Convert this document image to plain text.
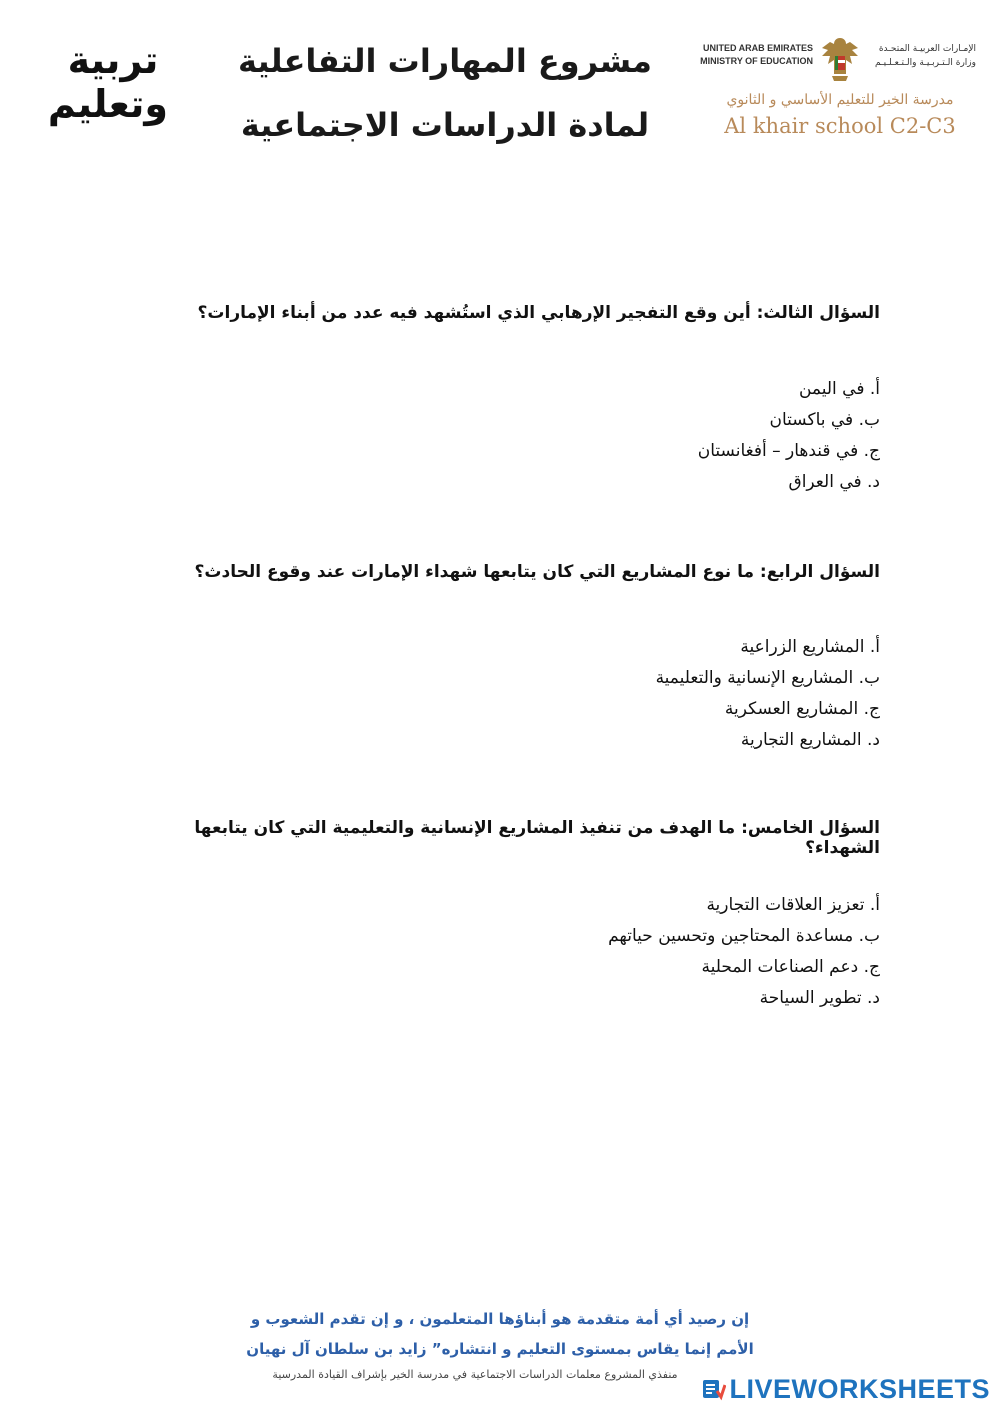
تربية
وتعليم
مشروع المهارات التفاعلية
لمادة الدراسات الاجتماعية
UNITED ARAB EMIRATES
MINISTRY OF EDUCATION
الإمـارات العربيـة المتحـدة
وزارة الـتـربـيـة والـتـعـلـيـم
مدرسة الخير للتعليم الأساسي و الثانوي
Al khair school C2-C3
السؤال الثالث: أين وقع التفجير الإرهابي الذي استُشهد فيه عدد من أبناء الإمارات؟
أ. في اليمن
ب. في باكستان
ج. في قندهار – أفغانستان
د. في العراق
السؤال الرابع: ما نوع المشاريع التي كان يتابعها شهداء الإمارات عند وقوع الحادث؟
أ. المشاريع الزراعية
ب. المشاريع الإنسانية والتعليمية
ج. المشاريع العسكرية
د. المشاريع التجارية
السؤال الخامس: ما الهدف من تنفيذ المشاريع الإنسانية والتعليمية التي كان يتابعها الشهداء؟
أ. تعزيز العلاقات التجارية
ب. مساعدة المحتاجين وتحسين حياتهم
ج. دعم الصناعات المحلية
د. تطوير السياحة
إن رصيد أي أمة متقدمة هو أبناؤها المتعلمون ، و إن تقدم الشعوب و
الأمم إنما يقاس بمستوى التعليم و انتشاره” زايد بن سلطان آل نهيان
منفذي المشروع معلمات الدراسات الاجتماعية في مدرسة الخير بإشراف القيادة المدرسية	LIVEWORKSHEETS
